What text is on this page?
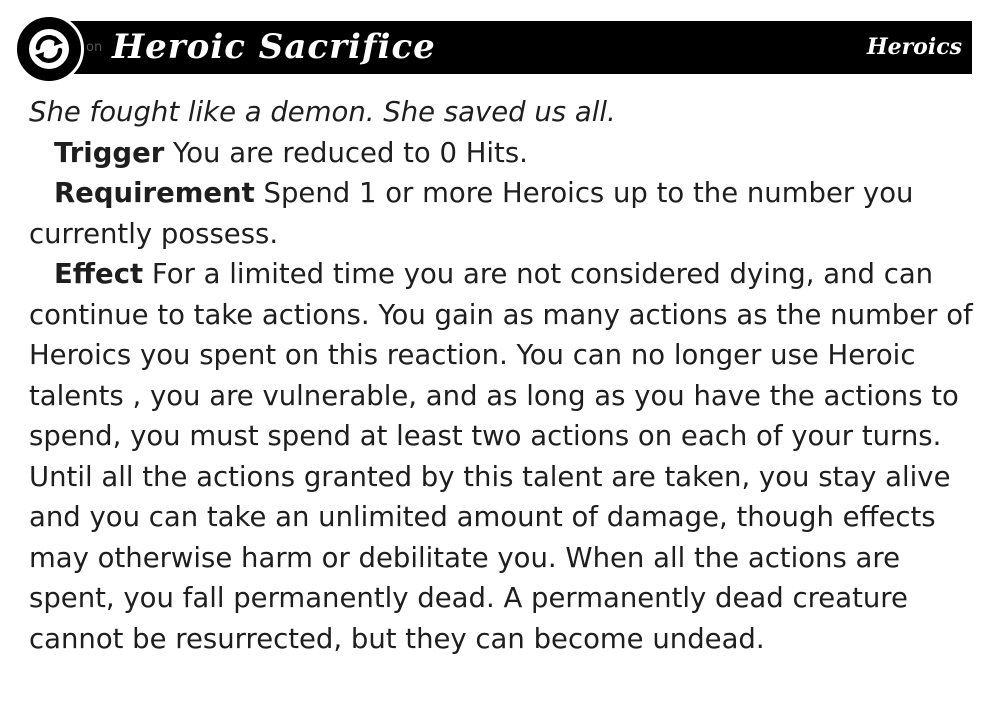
on Heroic Sacrifice	Heroics

She fought like a demon. She saved us all.

Trigger You are reduced to 0 Hits.

Requirement Spend 1 or more Heroics up to the number you currently possess.

Effect For a limited time you are not considered dying, and can continue to take actions. You gain as many actions as the number of Heroics you spent on this reaction. You can no longer use Heroic talents , you are vulnerable, and as long as you have the actions to spend, you must spend at least two actions on each of your turns. Until all the actions granted by this talent are taken, you stay alive and you can take an unlimited amount of damage, though effects may otherwise harm or debilitate you. When all the actions are spent, you fall permanently dead. A permanently dead creature cannot be resurrected, but they can become undead.
